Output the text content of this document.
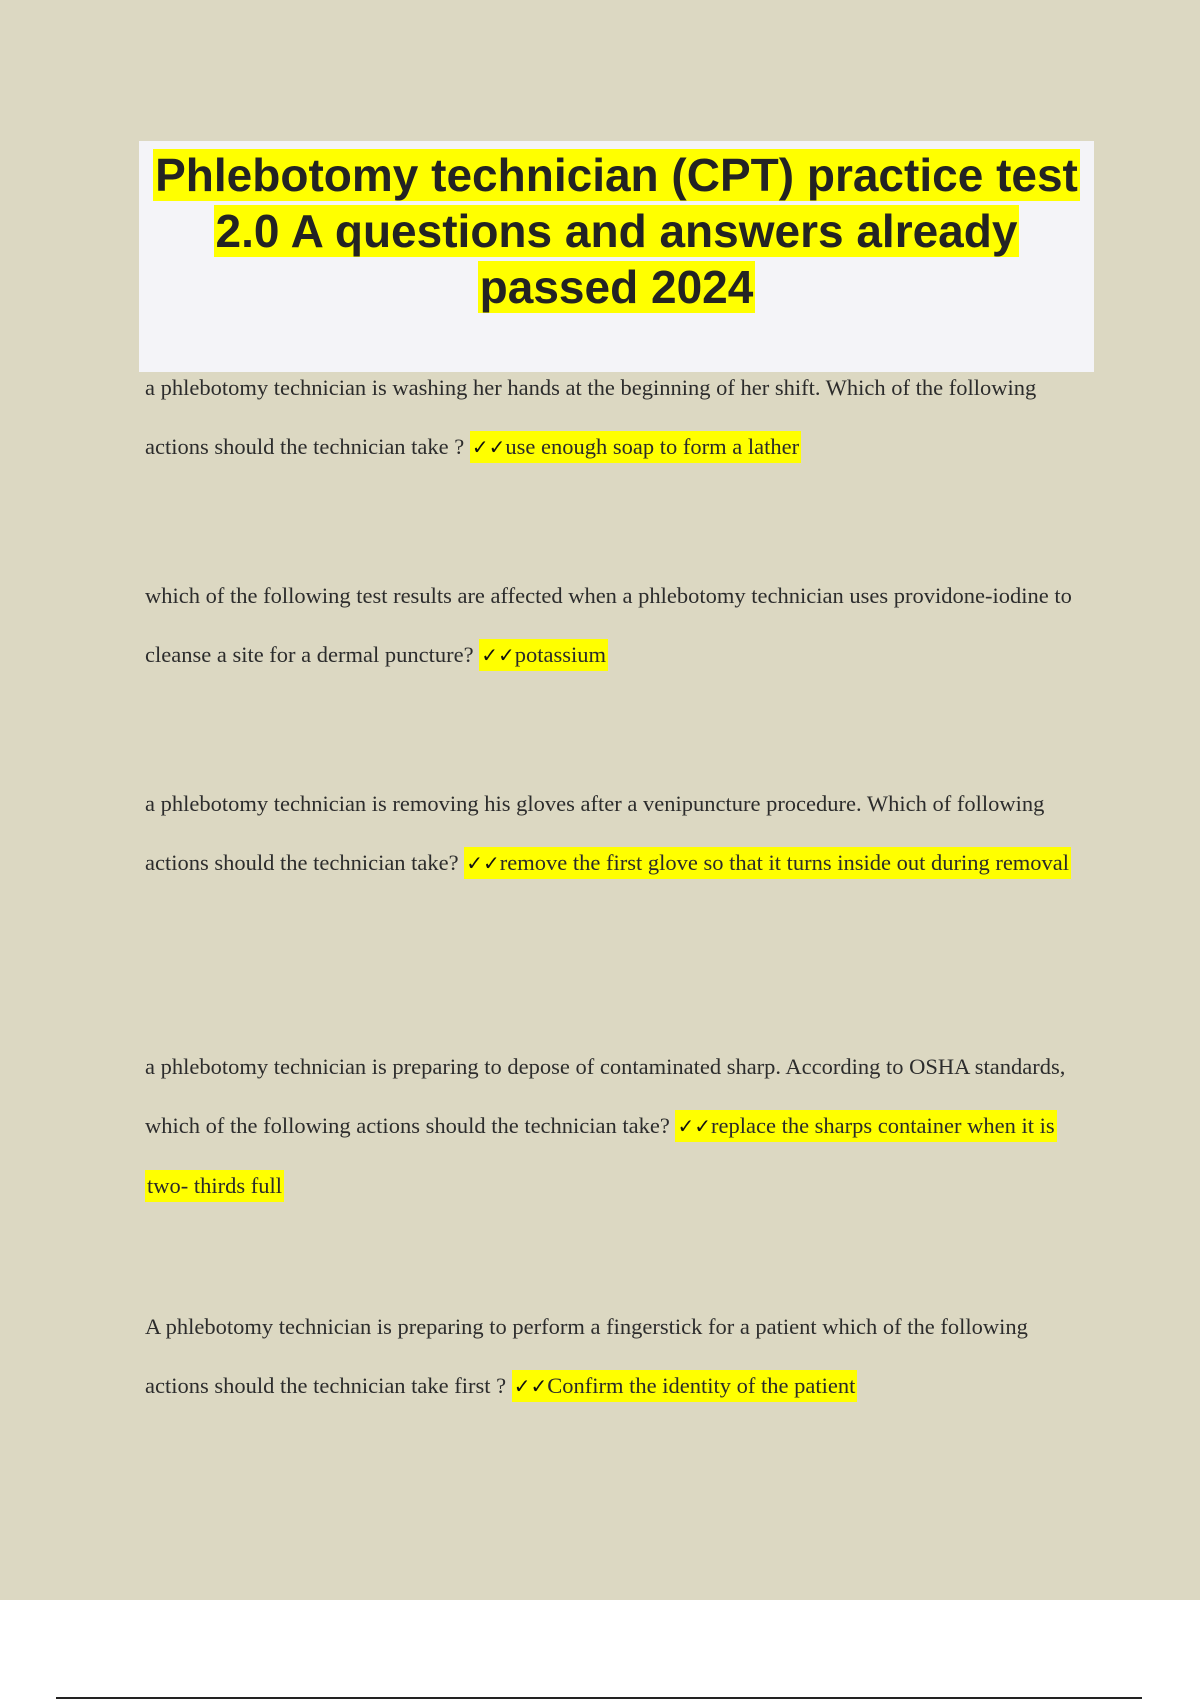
Phlebotomy technician (CPT) practice test 2.0 A questions and answers already passed 2024
a phlebotomy technician is washing her hands at the beginning of her shift. Which of the following actions should the technician take ? ✓✓use enough soap to form a lather
which of the following test results are affected when a phlebotomy technician uses providone-iodine to cleanse a site for a dermal puncture? ✓✓potassium
a phlebotomy technician is removing his gloves after a venipuncture procedure. Which of following actions should the technician take? ✓✓remove the first glove so that it turns inside out during removal
a phlebotomy technician is preparing to depose of contaminated sharp. According to OSHA standards, which of the following actions should the technician take? ✓✓replace the sharps container when it is two- thirds full
A phlebotomy technician is preparing to perform a fingerstick for a patient which of the following actions should the technician take first ? ✓✓Confirm the identity of the patient
